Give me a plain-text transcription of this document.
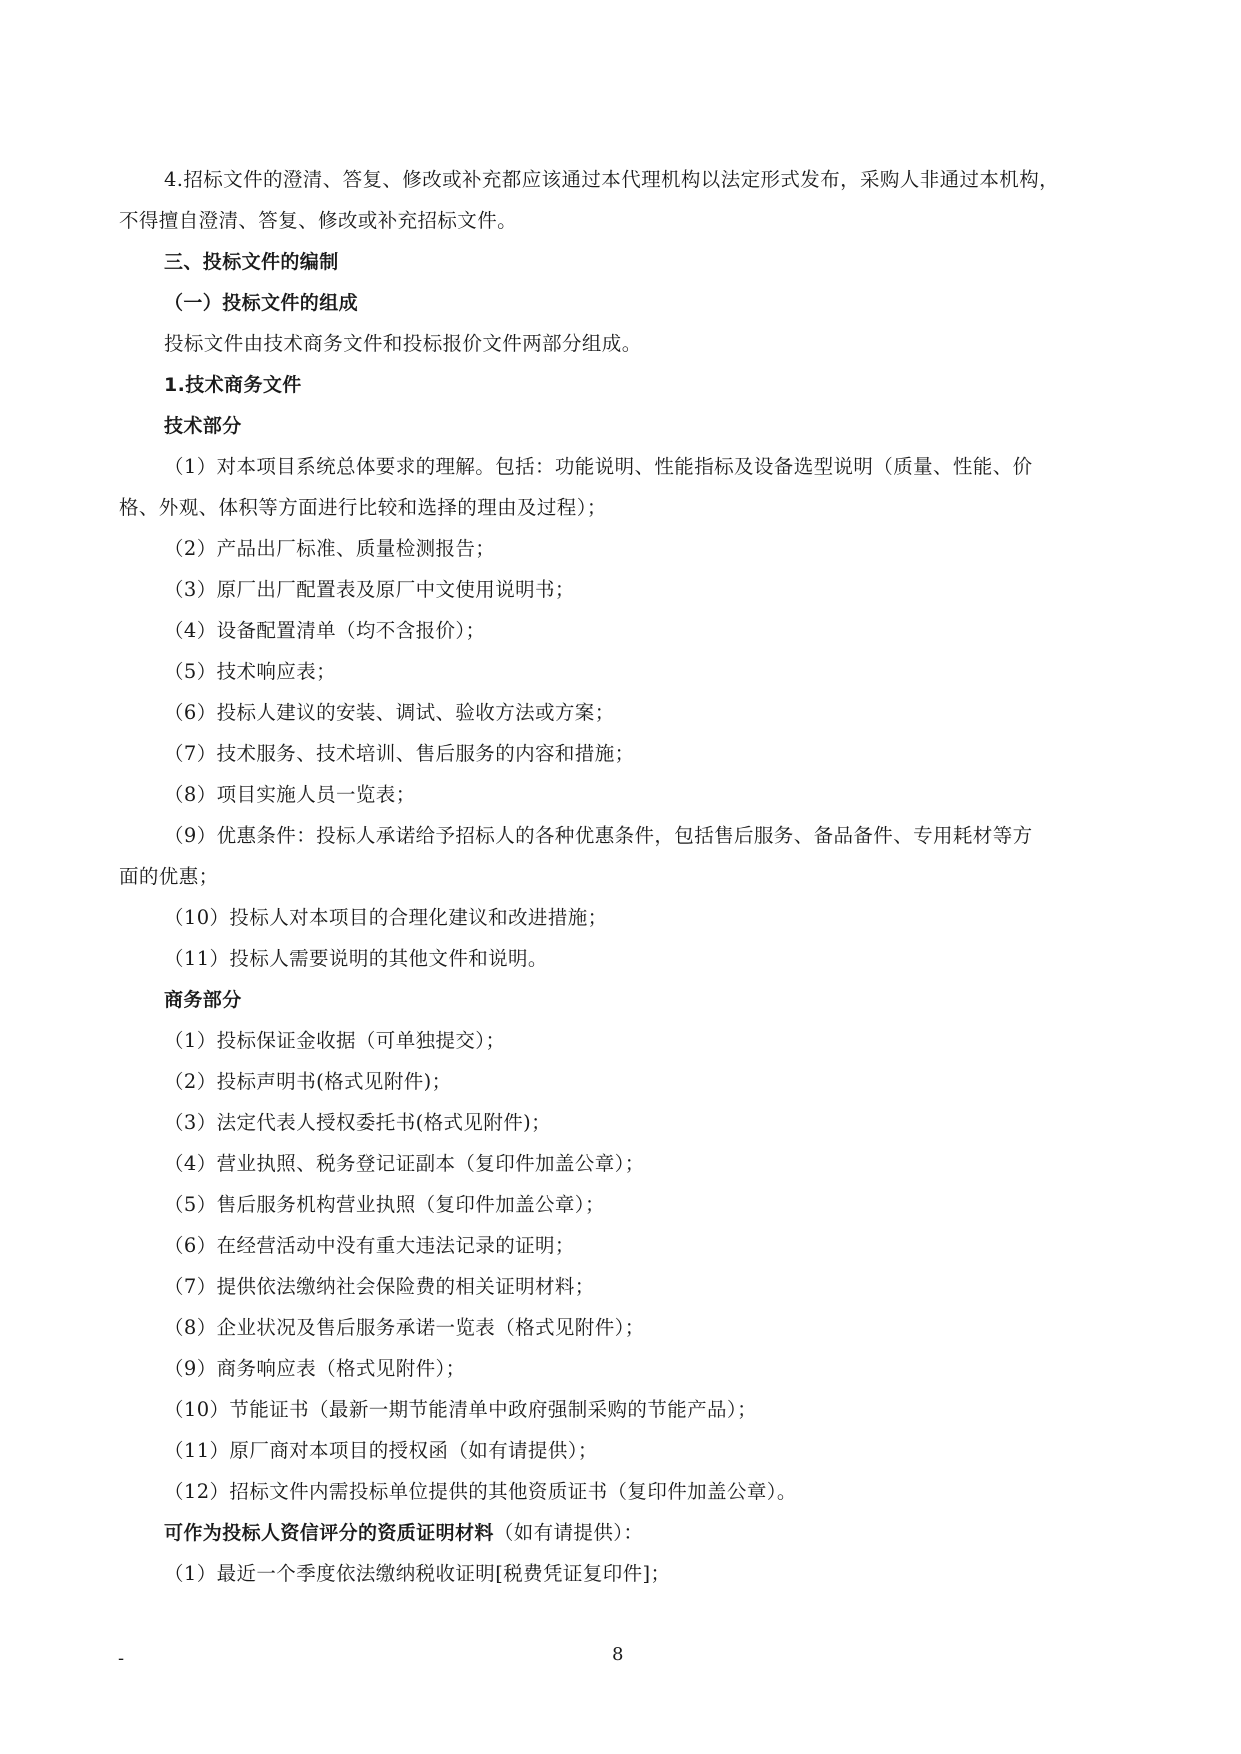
4.招标文件的澄清、答复、修改或补充都应该通过本代理机构以法定形式发布，采购人非通过本机构，
不得擅自澄清、答复、修改或补充招标文件。
三、投标文件的编制
（一）投标文件的组成
投标文件由技术商务文件和投标报价文件两部分组成。
1.技术商务文件
技术部分
（1）对本项目系统总体要求的理解。包括：功能说明、性能指标及设备选型说明（质量、性能、价
格、外观、体积等方面进行比较和选择的理由及过程）；
（2）产品出厂标准、质量检测报告；
（3）原厂出厂配置表及原厂中文使用说明书；
（4）设备配置清单（均不含报价）；
（5）技术响应表；
（6）投标人建议的安装、调试、验收方法或方案；
（7）技术服务、技术培训、售后服务的内容和措施；
（8）项目实施人员一览表；
（9）优惠条件：投标人承诺给予招标人的各种优惠条件，包括售后服务、备品备件、专用耗材等方
面的优惠；
（10）投标人对本项目的合理化建议和改进措施；
（11）投标人需要说明的其他文件和说明。
商务部分
（1）投标保证金收据（可单独提交）；
（2）投标声明书(格式见附件)；
（3）法定代表人授权委托书(格式见附件)；
（4）营业执照、税务登记证副本（复印件加盖公章）；
（5）售后服务机构营业执照（复印件加盖公章）；
（6）在经营活动中没有重大违法记录的证明；
（7）提供依法缴纳社会保险费的相关证明材料；
（8）企业状况及售后服务承诺一览表（格式见附件）；
（9）商务响应表（格式见附件）；
（10）节能证书（最新一期节能清单中政府强制采购的节能产品）；
（11）原厂商对本项目的授权函（如有请提供）；
（12）招标文件内需投标单位提供的其他资质证书（复印件加盖公章）。
可作为投标人资信评分的资质证明材料（如有请提供）：
（1）最近一个季度依法缴纳税收证明[税费凭证复印件]；
-	8
